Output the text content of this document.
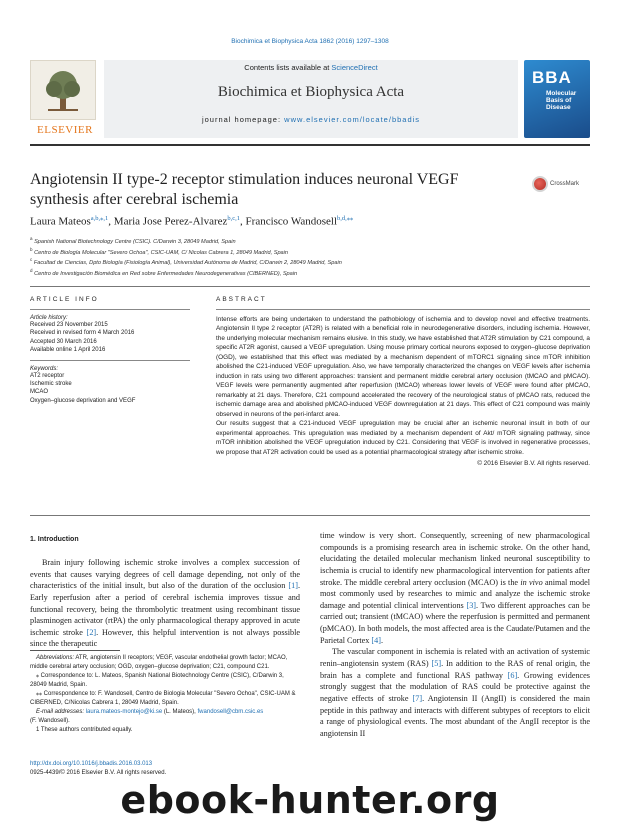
Biochimica et Biophysica Acta 1862 (2016) 1297–1308
ELSEVIER
Contents lists available at ScienceDirect
Biochimica et Biophysica Acta
journal homepage: www.elsevier.com/locate/bbadis
BBA
Molecular
Basis of
Disease
Angiotensin II type-2 receptor stimulation induces neuronal VEGF synthesis after cerebral ischemia
CrossMark
Laura Mateos$^{a,b,⁎,1}$, Maria Jose Perez-Alvarez$^{b,c,1}$, Francisco Wandosell$^{b,d,⁎⁎}$
$^a$ Spanish National Biotechnology Centre (CSIC). C/Darwin 3, 28049 Madrid, Spain
$^b$ Centro de Biología Molecular "Severo Ochoa", CSIC-UAM, C/ Nicolas Cabrera 1, 28049 Madrid, Spain
$^c$ Facultad de Ciencias, Dpto Biología (Fisiología Animal), Universidad Autónoma de Madrid, C/Darwin 2, 28049 Madrid, Spain
$^d$ Centro de Investigación Biomédica en Red sobre Enfermedades Neurodegenerativas (CIBERNED), Spain
ARTICLE INFO
Article history:
Received 23 November 2015
Received in revised form 4 March 2016
Accepted 30 March 2016
Available online 1 April 2016
Keywords:
AT2 receptor
Ischemic stroke
MCAO
Oxygen–glucose deprivation and VEGF
ABSTRACT
Intense efforts are being undertaken to understand the pathobiology of ischemia and to develop novel and effective treatments. Angiotensin II type 2 receptor (AT2R) is related with a beneficial role in neurodegenerative disorders, including ischemia. However, the underlying molecular mechanism remains elusive. In this study, we have established that AT2R stimulation by C21 compound, a specific AT2R agonist, caused a VEGF upregulation. Using mouse primary cortical neurons exposed to oxygen–glucose deprivation (OGD), we established that this effect was mediated by a mechanism dependent of mTORC1 signaling since mTOR inhibition abolished the C21-induced VEGF upregulation. Also, we have temporally characterized the changes on VEGF levels after ischemia induction in rats using two different approaches: transient and permanent middle cerebral artery occlusion (tMCAO and pMCAO). VEGF levels were permanently augmented after reperfusion (tMCAO) whereas lower levels of VEGF were found after pMCAO, remarkably at 21 days. Therefore, C21 compound accelerated the recovery of the neurological status of pMCAO rats, reduced the ischemic damage area and abolished pMCAO-induced VEGF downregulation at 21 days. This effect of C21 compound was mainly observed in neurons of the peri-infarct area.
Our results suggest that a C21-induced VEGF upregulation may be crucial after an ischemic neuronal insult in both of our experimental approaches. This upregulation was mediated by a mechanism dependent of Akt/ mTOR signaling pathway, since mTOR inhibition abolished the VEGF upregulation induced by C21. Considering that VEGF is involved in regenerative processes, we propose that AT2R activation could be used as a potential pharmacological strategy after ischemic stroke.
© 2016 Elsevier B.V. All rights reserved.
1. Introduction

Brain injury following ischemic stroke involves a complex succession of events that causes varying degrees of cell damage depending, not only of the characteristics of the initial insult, but also of the duration of the occlusion [1]. Early reperfusion after a period of cerebral ischemia improves tissue and functional recovery, being the thrombolytic treatment using recombinant tissue plasminogen activator (rtPA) the only pharmacological therapy approved in acute ischemic stroke [2]. However, this helpful intervention is not always possible since the therapeutic

Abbreviations: ATR, angiotensin II receptors; VEGF, vascular endothelial growth factor; MCAO, middle cerebral artery occlusion; OGD, oxygen–glucose deprivation; C21, compound C21.
⁎ Correspondence to: L. Mateos, Spanish National Biotechnology Centre (CSIC), C/Darwin 3, 28049 Madrid, Spain.
⁎⁎ Correspondence to: F. Wandosell, Centro de Biologia Molecular "Severo Ochoa", CSIC-UAM & CIBERNED, C/Nicolas Cabrera 1, 28049 Madrid, Spain.
E-mail addresses: laura.mateos-montejo@ki.se (L. Mateos), fwandosell@cbm.csic.es
(F. Wandosell).
1 These authors contributed equally.

time window is very short. Consequently, screening of new pharmacological compounds is a promising research area in ischemic stroke. On the other hand, elucidating the detailed molecular mechanism linked neuronal susceptibility to ischemia is crucial to identify new pharmacological intervention for patients after stroke. The middle cerebral artery occlusion (MCAO) is the in vivo animal model most commonly used by researches to mimic and analyze the ischemic stroke damage and potential clinical interventions [3]. Two different approaches can be carried out; transient (tMCAO) where the reperfusion is permitted and permanent (pMCAO). In both models, the most affected area is the Caudate/Putamen and the Parietal Cortex [4].

The vascular component in ischemia is related with an activation of systemic renin–angiotensin system (RAS) [5]. In addition to the RAS of renal origin, the brain has a complete and functional RAS pathway [6]. Growing evidences strongly suggest that the modulation of RAS could be protective against the negative effects of stroke [7]. Angiotensin II (AngII) is considered the main peptide in this pathway and interacts with different subtypes of receptors to elicit a range of physiological events. The most abundant of the AngII receptor is the angiotensin II

http://dx.doi.org/10.1016/j.bbadis.2016.03.013
0925-4439/© 2016 Elsevier B.V. All rights reserved.
ebook-hunter.org
